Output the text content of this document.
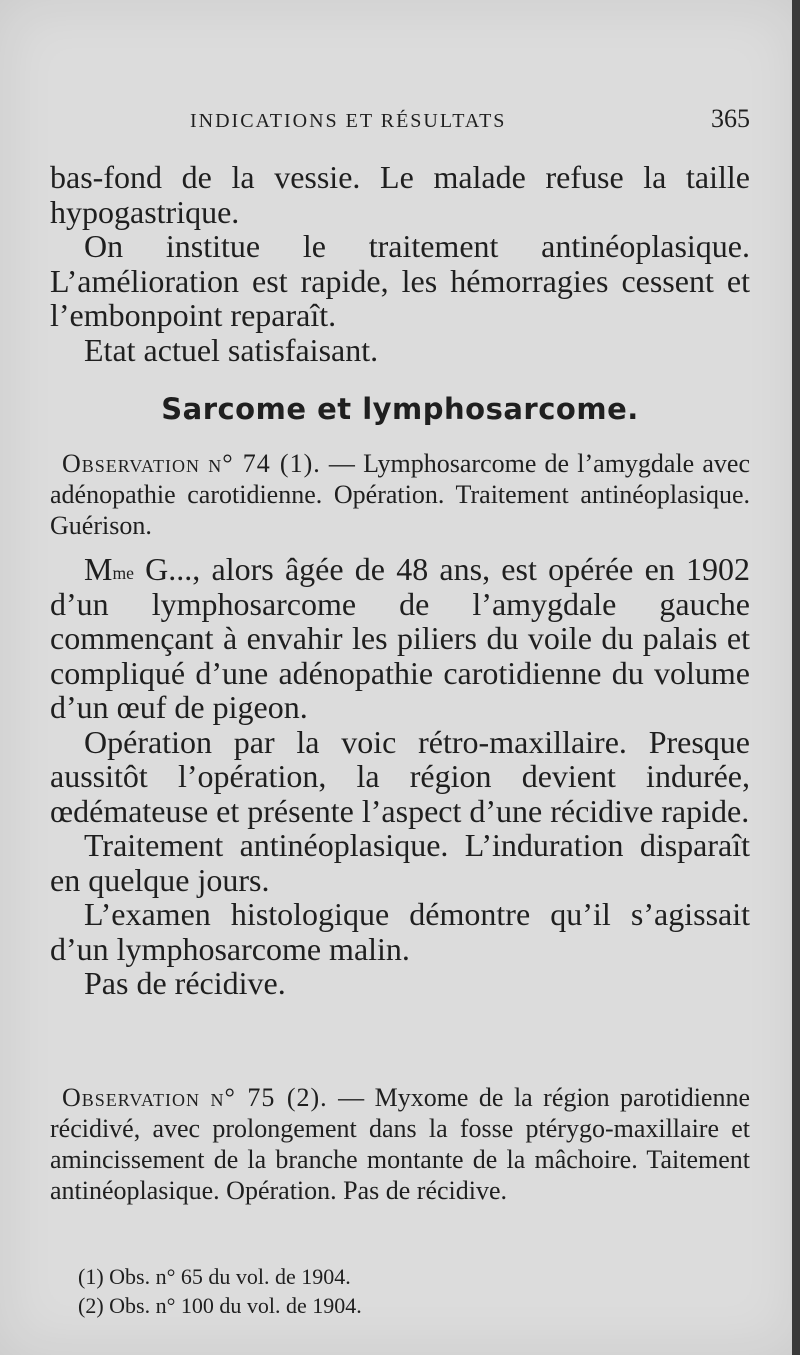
INDICATIONS ET RÉSULTATS	365

bas-fond de la vessie. Le malade refuse la taille hypogastrique.

On institue le traitement antinéoplasique. L’amélioration est rapide, les hémorragies cessent et l’embonpoint reparaît.

Etat actuel satisfaisant.

Sarcome et lymphosarcome.
Observation n° 74 (1). — Lymphosarcome de l’amygdale avec adénopathie carotidienne. Opération. Traitement antinéoplasique. Guérison.

$M^{me}$ G..., alors âgée de 48 ans, est opérée en 1902 d’un lymphosarcome de l’amygdale gauche commençant à envahir les piliers du voile du palais et compliqué d’une adénopathie carotidienne du volume d’un œuf de pigeon.

Opération par la voic rétro-maxillaire. Presque aussitôt l’opération, la région devient indurée, œdémateuse et présente l’aspect d’une récidive rapide.

Traitement antinéoplasique. L’induration disparaît en quelque jours.

L’examen histologique démontre qu’il s’agissait d’un lymphosarcome malin.

Pas de récidive.

Observation n° 75 (2). — Myxome de la région parotidienne récidivé, avec prolongement dans la fosse ptérygo-maxillaire et amincissement de la branche montante de la mâchoire. Taitement antinéoplasique. Opération. Pas de récidive.

(1) Obs. n° 65 du vol. de 1904.

(2) Obs. n° 100 du vol. de 1904.
